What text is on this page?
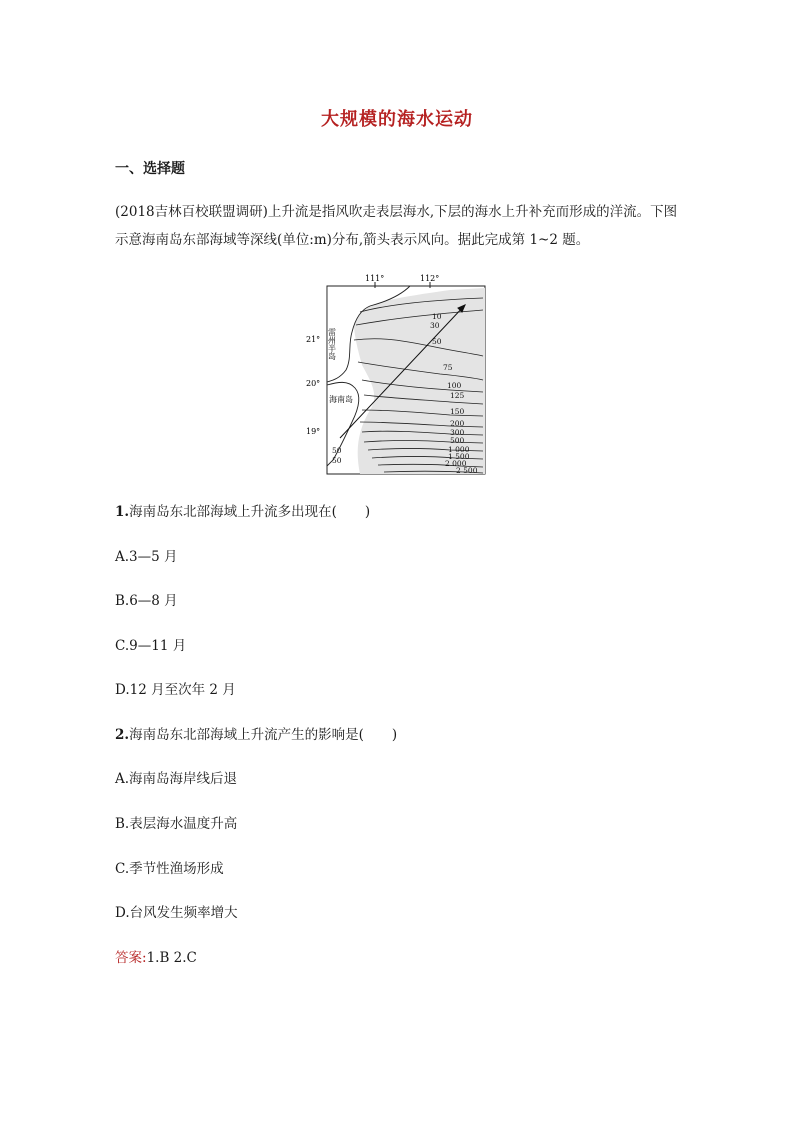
大规模的海水运动
一、选择题
(2018吉林百校联盟调研)上升流是指风吹走表层海水,下层的海水上升补充而形成的洋流。下图示意海南岛东部海域等深线(单位:m)分布,箭头表示风向。据此完成第 1~2 题。
111°	112°
21°
20°
19°
雷州半岛
海南岛
10
30
50
75
100
125
150
200
300
500
1 000
1 500
2 000
2 500
50
50
1.海南岛东北部海域上升流多出现在( )
A.3—5 月
B.6—8 月
C.9—11 月
D.12 月至次年 2 月
2.海南岛东北部海域上升流产生的影响是( )
A.海南岛海岸线后退
B.表层海水温度升高
C.季节性渔场形成
D.台风发生频率增大
答案:1.B 2.C
